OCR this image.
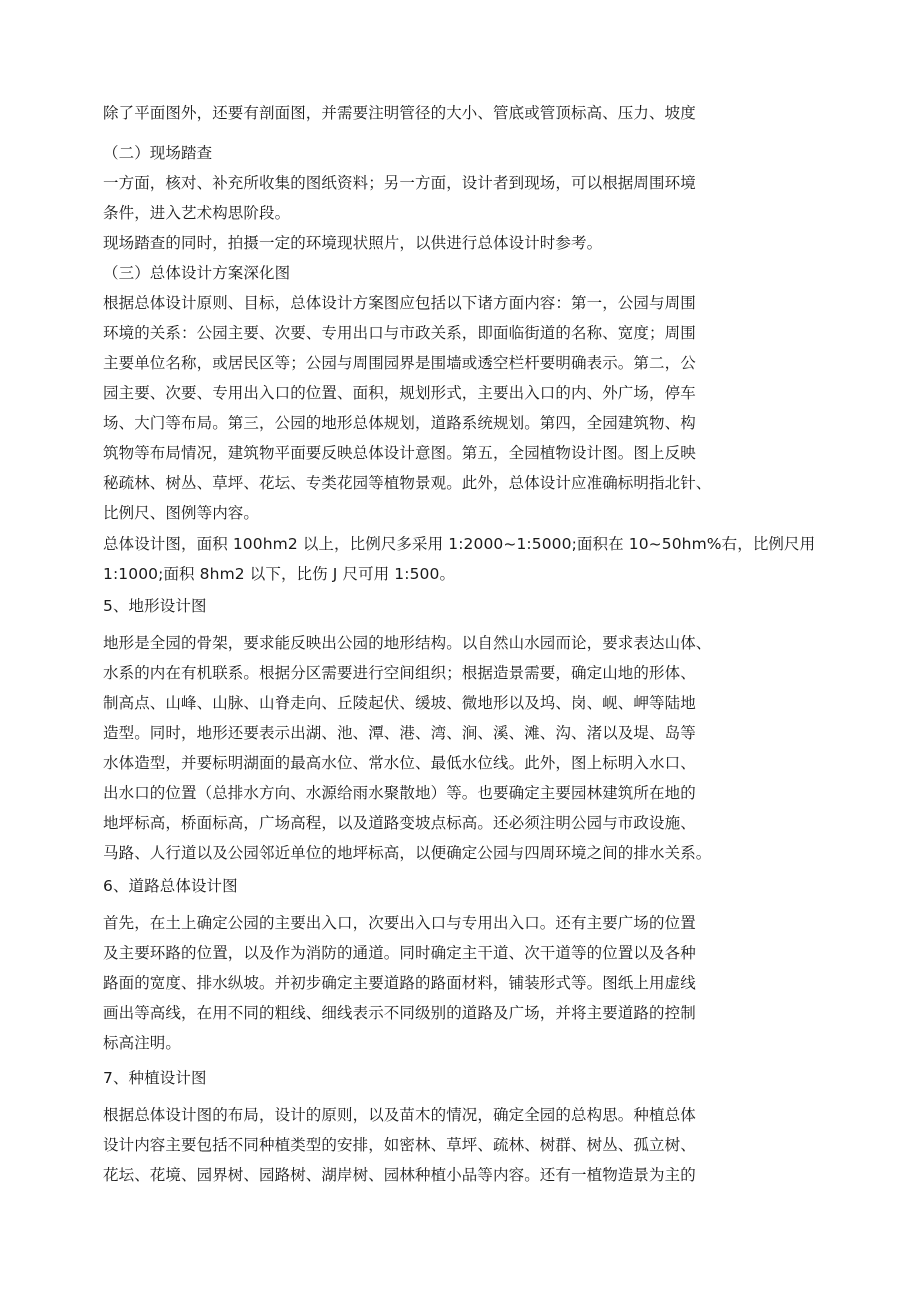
除了平面图外，还要有剖面图，并需要注明管径的大小、管底或管顶标高、压力、坡度
（二）现场踏查
一方面，核对、补充所收集的图纸资料；另一方面，设计者到现场，可以根据周围环境
条件，进入艺术构思阶段。
现场踏查的同时，拍摄一定的环境现状照片，以供进行总体设计时参考。
（三）总体设计方案深化图
根据总体设计原则、目标，总体设计方案图应包括以下诸方面内容：第一，公园与周围
环境的关系：公园主要、次要、专用出口与市政关系，即面临街道的名称、宽度；周围
主要单位名称，或居民区等；公园与周围园界是围墙或透空栏杆要明确表示。第二，公
园主要、次要、专用出入口的位置、面积，规划形式，主要出入口的内、外广场，停车
场、大门等布局。第三，公园的地形总体规划，道路系统规划。第四，全园建筑物、构
筑物等布局情况，建筑物平面要反映总体设计意图。第五，全园植物设计图。图上反映
秘疏林、树丛、草坪、花坛、专类花园等植物景观。此外，总体设计应准确标明指北针、
比例尺、图例等内容。
总体设计图，面积 100hm2 以上，比例尺多采用 1:2000~1:5000;面积在 10~50hm%右，比例尺用
1:1000;面积 8hm2 以下，比伤 J 尺可用 1:500。
5、地形设计图
地形是全园的骨架，要求能反映出公园的地形结构。以自然山水园而论，要求表达山体、
水系的内在有机联系。根据分区需要进行空间组织；根据造景需要，确定山地的形体、
制高点、山峰、山脉、山脊走向、丘陵起伏、缓坡、微地形以及坞、岗、岘、岬等陆地
造型。同时，地形还要表示出湖、池、潭、港、湾、涧、溪、滩、沟、渚以及堤、岛等
水体造型，并要标明湖面的最高水位、常水位、最低水位线。此外，图上标明入水口、
出水口的位置（总排水方向、水源给雨水聚散地）等。也要确定主要园林建筑所在地的
地坪标高，桥面标高，广场高程，以及道路变坡点标高。还必须注明公园与市政设施、
马路、人行道以及公园邻近单位的地坪标高，以便确定公园与四周环境之间的排水关系。
6、道路总体设计图
首先，在土上确定公园的主要出入口，次要出入口与专用出入口。还有主要广场的位置
及主要环路的位置，以及作为消防的通道。同时确定主干道、次干道等的位置以及各种
路面的宽度、排水纵坡。并初步确定主要道路的路面材料，铺装形式等。图纸上用虚线
画出等高线，在用不同的粗线、细线表示不同级别的道路及广场，并将主要道路的控制
标高注明。
7、种植设计图
根据总体设计图的布局，设计的原则，以及苗木的情况，确定全园的总构思。种植总体
设计内容主要包括不同种植类型的安排，如密林、草坪、疏林、树群、树丛、孤立树、
花坛、花境、园界树、园路树、湖岸树、园林种植小品等内容。还有一植物造景为主的
